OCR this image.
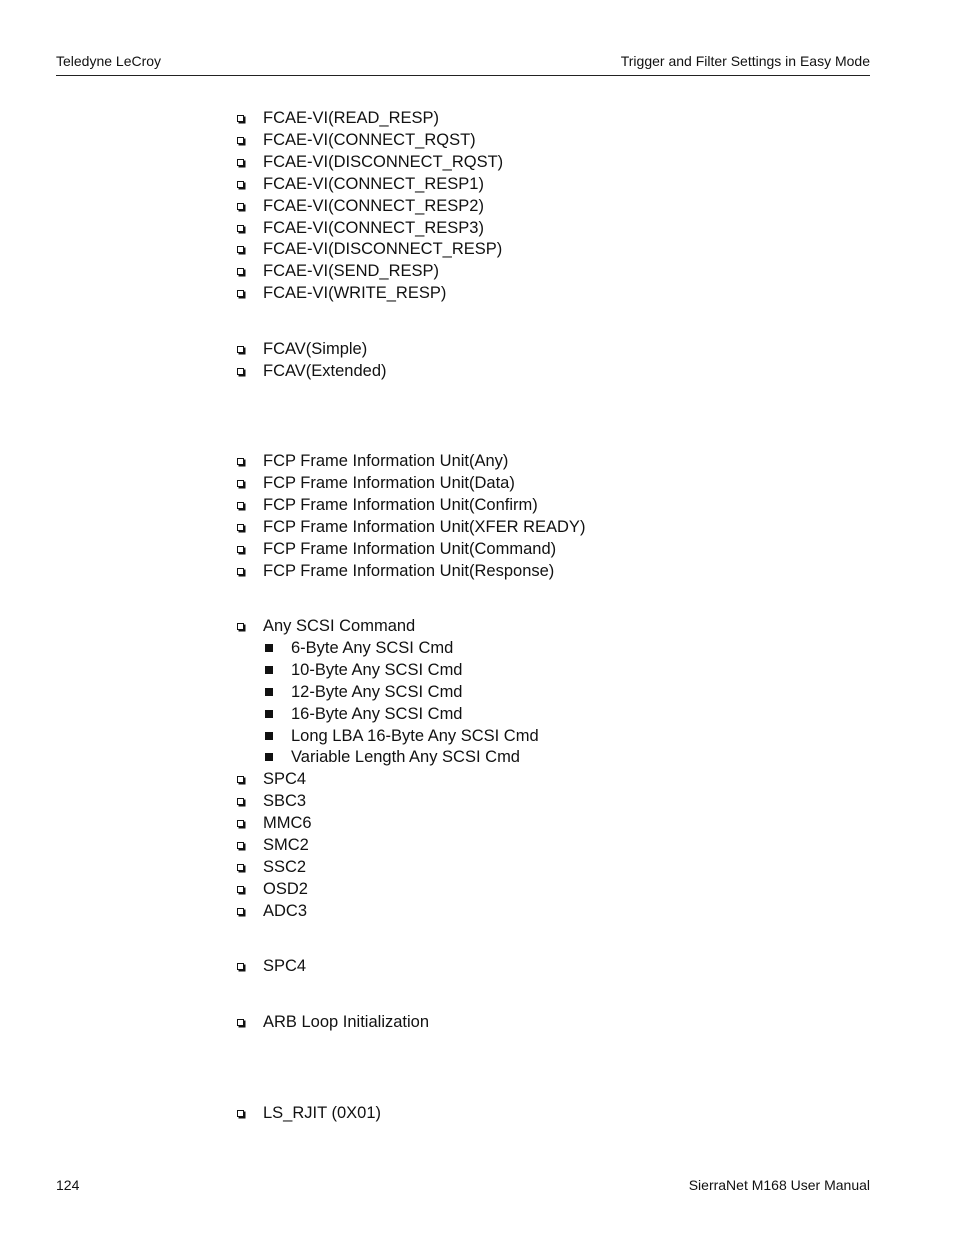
Teledyne LeCroy	Trigger and Filter Settings in Easy Mode
FCAE-VI(READ_RESP)
FCAE-VI(CONNECT_RQST)
FCAE-VI(DISCONNECT_RQST)
FCAE-VI(CONNECT_RESP1)
FCAE-VI(CONNECT_RESP2)
FCAE-VI(CONNECT_RESP3)
FCAE-VI(DISCONNECT_RESP)
FCAE-VI(SEND_RESP)
FCAE-VI(WRITE_RESP)
FCAV(Simple)
FCAV(Extended)
FCP Frame Information Unit(Any)
FCP Frame Information Unit(Data)
FCP Frame Information Unit(Confirm)
FCP Frame Information Unit(XFER READY)
FCP Frame Information Unit(Command)
FCP Frame Information Unit(Response)
Any SCSI Command
6-Byte Any SCSI Cmd
10-Byte Any SCSI Cmd
12-Byte Any SCSI Cmd
16-Byte Any SCSI Cmd
Long LBA 16-Byte Any SCSI Cmd
Variable Length Any SCSI Cmd
SPC4
SBC3
MMC6
SMC2
SSC2
OSD2
ADC3
SPC4
ARB Loop Initialization
LS_RJIT (0X01)
124	SierraNet M168 User Manual
